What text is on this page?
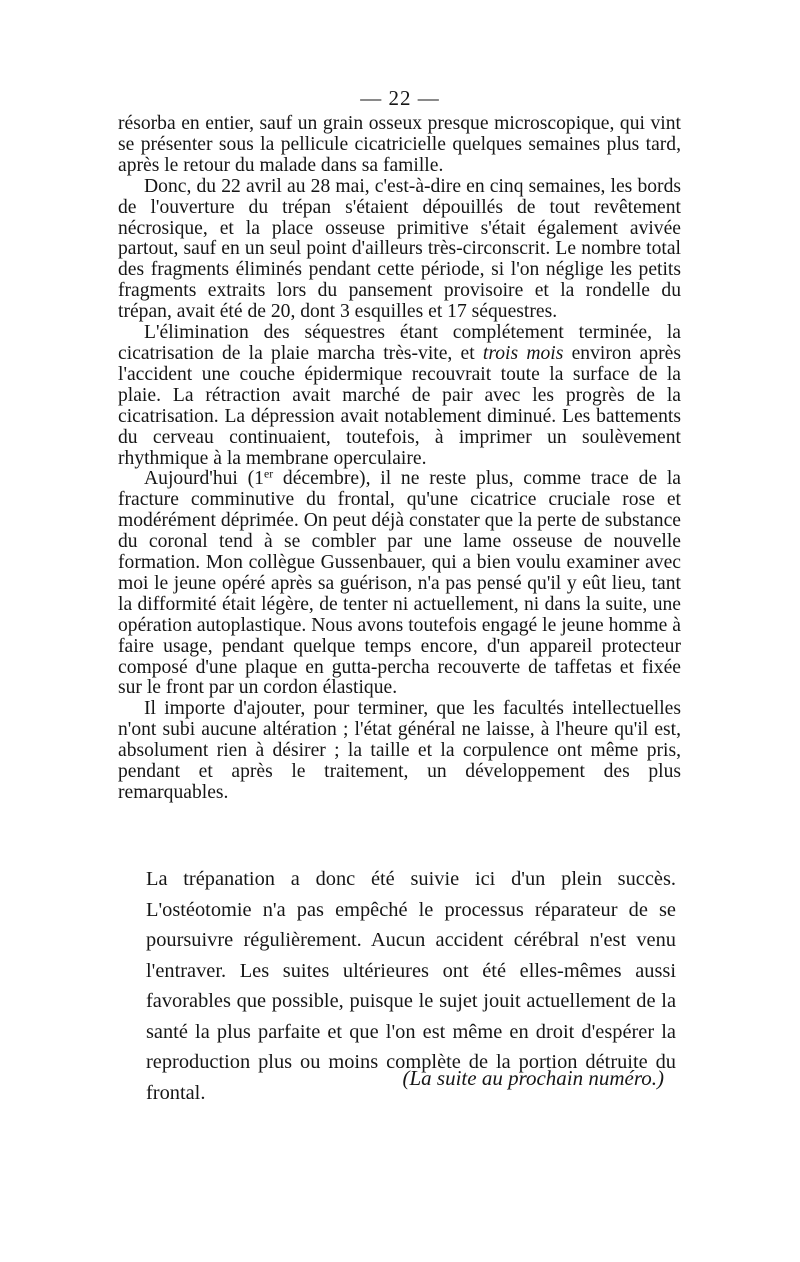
— 22 —

résorba en entier, sauf un grain osseux presque microscopique, qui vint se présenter sous la pellicule cicatricielle quelques semaines plus tard, après le retour du malade dans sa famille.

Donc, du 22 avril au 28 mai, c'est-à-dire en cinq semaines, les bords de l'ouverture du trépan s'étaient dépouillés de tout revêtement nécrosique, et la place osseuse primitive s'était également avivée partout, sauf en un seul point d'ailleurs très-circonscrit. Le nombre total des fragments éliminés pendant cette période, si l'on néglige les petits fragments extraits lors du pansement provisoire et la rondelle du trépan, avait été de 20, dont 3 esquilles et 17 séquestres.

L'élimination des séquestres étant complétement terminée, la cicatrisation de la plaie marcha très-vite, et trois mois environ après l'accident une couche épidermique recouvrait toute la surface de la plaie. La rétraction avait marché de pair avec les progrès de la cicatrisation. La dépression avait notablement diminué. Les battements du cerveau continuaient, toutefois, à imprimer un soulèvement rhythmique à la membrane operculaire.

Aujourd'hui (1er décembre), il ne reste plus, comme trace de la fracture comminutive du frontal, qu'une cicatrice cruciale rose et modérément déprimée. On peut déjà constater que la perte de substance du coronal tend à se combler par une lame osseuse de nouvelle formation. Mon collègue Gussenbauer, qui a bien voulu examiner avec moi le jeune opéré après sa guérison, n'a pas pensé qu'il y eût lieu, tant la difformité était légère, de tenter ni actuellement, ni dans la suite, une opération autoplastique. Nous avons toutefois engagé le jeune homme à faire usage, pendant quelque temps encore, d'un appareil protecteur composé d'une plaque en gutta-percha recouverte de taffetas et fixée sur le front par un cordon élastique.

Il importe d'ajouter, pour terminer, que les facultés intellectuelles n'ont subi aucune altération ; l'état général ne laisse, à l'heure qu'il est, absolument rien à désirer ; la taille et la corpulence ont même pris, pendant et après le traitement, un développement des plus remarquables.

La trépanation a donc été suivie ici d'un plein succès. L'ostéotomie n'a pas empêché le processus réparateur de se poursuivre régulièrement. Aucun accident cérébral n'est venu l'entraver. Les suites ultérieures ont été elles-mêmes aussi favorables que possible, puisque le sujet jouit actuellement de la santé la plus parfaite et que l'on est même en droit d'espérer la reproduction plus ou moins complète de la portion détruite du frontal.

(La suite au prochain numéro.)
